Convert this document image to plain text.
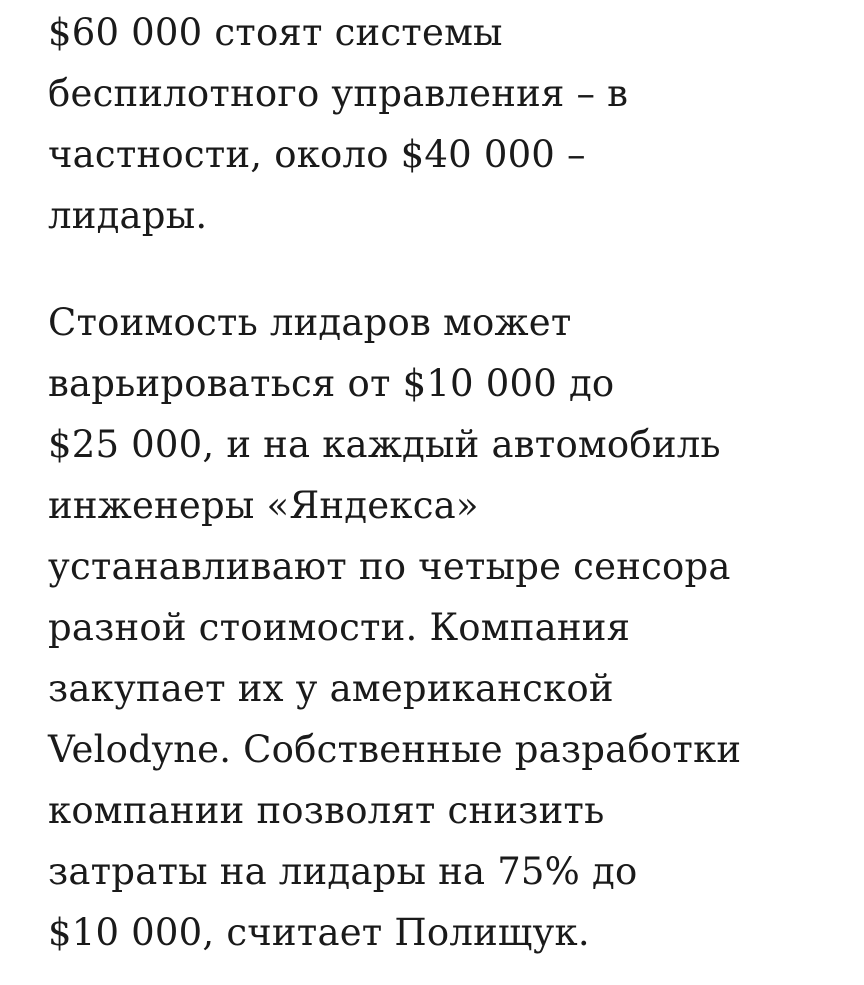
$60 000 стоят системы
беспилотного управления – в
частности, около $40 000 –
лидары.

Стоимость лидаров может
варьироваться от $10 000 до
$25 000, и на каждый автомобиль
инженеры «Яндекса»
устанавливают по четыре сенсора
разной стоимости. Компания
закупает их у американской
Velodyne. Собственные разработки
компании позволят снизить
затраты на лидары на 75% до
$10 000, считает Полищук.
